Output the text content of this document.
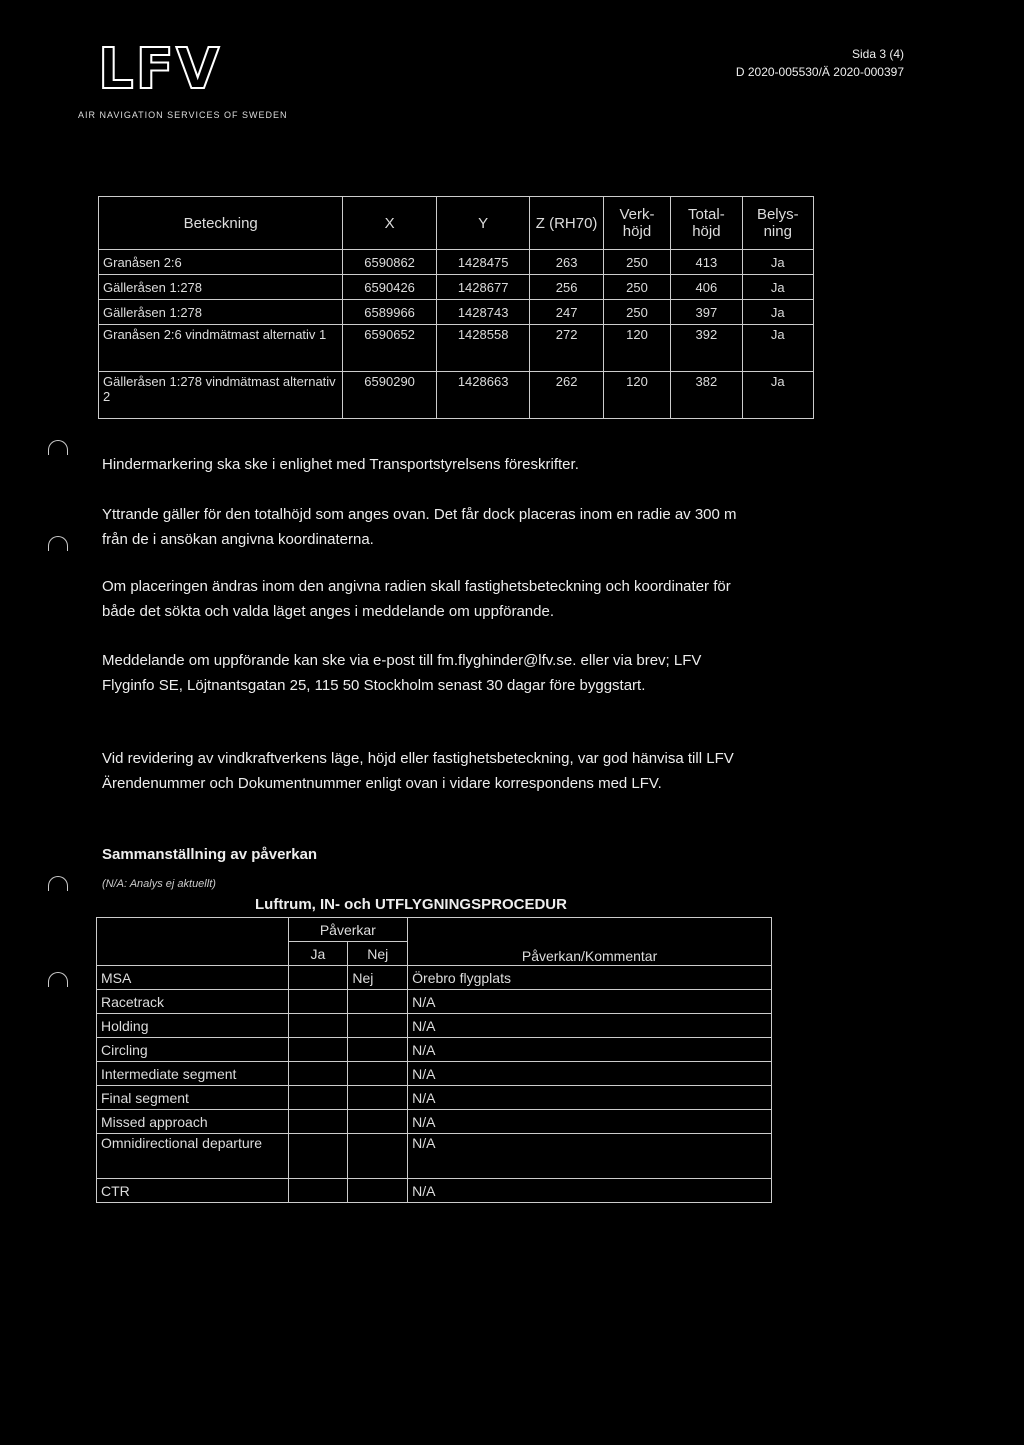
LFV
AIR NAVIGATION SERVICES OF SWEDEN
Sida 3 (4)
D 2020-005530/Ä 2020-000397
Beteckning	X	Y	Z (RH70)	Verk-höjd	Total-höjd	Belys-ning
Granåsen 2:6	6590862	1428475	263	250	413	Ja
Gälleråsen 1:278	6590426	1428677	256	250	406	Ja
Gälleråsen 1:278	6589966	1428743	247	250	397	Ja
Granåsen 2:6 vindmätmast alternativ 1	6590652	1428558	272	120	392	Ja
Gälleråsen 1:278 vindmätmast alternativ 2	6590290	1428663	262	120	382	Ja
Hindermarkering ska ske i enlighet med Transportstyrelsens föreskrifter.
Yttrande gäller för den totalhöjd som anges ovan. Det får dock placeras inom en radie av 300 m från de i ansökan angivna koordinaterna.
Om placeringen ändras inom den angivna radien skall fastighetsbeteckning och koordinater för både det sökta och valda läget anges i meddelande om uppförande.
Meddelande om uppförande kan ske via e-post till fm.flyghinder@lfv.se. eller via brev; LFV Flyginfo SE, Löjtnantsgatan 25, 115 50 Stockholm senast 30 dagar före byggstart.
Vid revidering av vindkraftverkens läge, höjd eller fastighetsbeteckning, var god hänvisa till LFV Ärendenummer och Dokumentnummer enligt ovan i vidare korrespondens med LFV.
Sammanställning av påverkan
(N/A: Analys ej aktuellt)
Luftrum, IN- och UTFLYGNINGSPROCEDUR
	Påverkar		Påverkan/Kommentar
	Ja	Nej	
MSA		Nej	Örebro flygplats
Racetrack			N/A
Holding			N/A
Circling			N/A
Intermediate segment			N/A
Final segment			N/A
Missed approach			N/A
Omnidirectional departure			N/A
CTR			N/A
